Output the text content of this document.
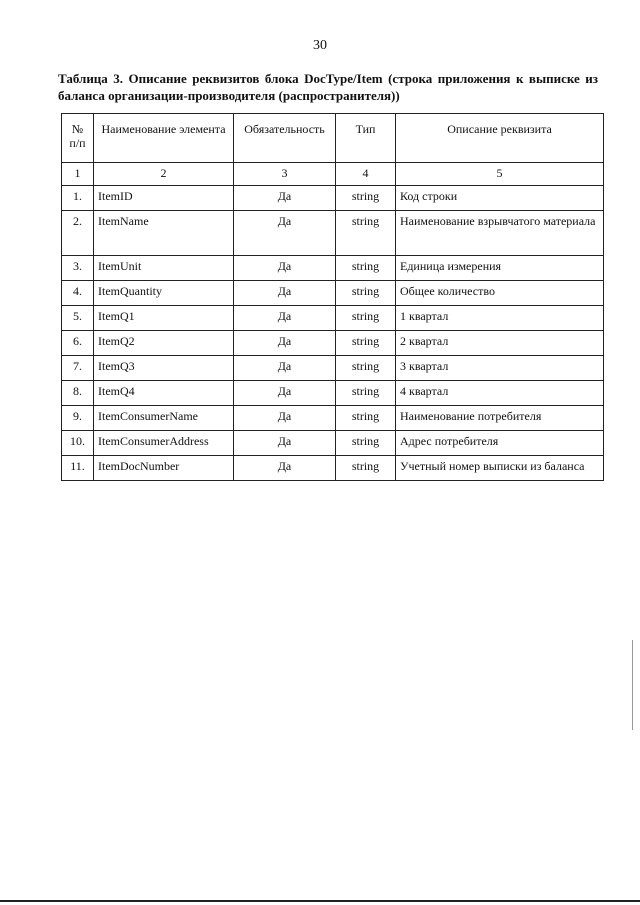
30
Таблица 3. Описание реквизитов блока DocType/Item (строка приложения к выписке из баланса организации-производителя (распространителя))
№ п/п	Наименование элемента	Обязательность	Тип	Описание реквизита
1	2	3	4	5
1.	ItemID	Да	string	Код строки
2.	ItemName	Да	string	Наименование взрывчатого материала
3.	ItemUnit	Да	string	Единица измерения
4.	ItemQuantity	Да	string	Общее количество
5.	ItemQ1	Да	string	1 квартал
6.	ItemQ2	Да	string	2 квартал
7.	ItemQ3	Да	string	3 квартал
8.	ItemQ4	Да	string	4 квартал
9.	ItemConsumerName	Да	string	Наименование потребителя
10.	ItemConsumerAddress	Да	string	Адрес потребителя
11.	ItemDocNumber	Да	string	Учетный номер выписки из баланса
